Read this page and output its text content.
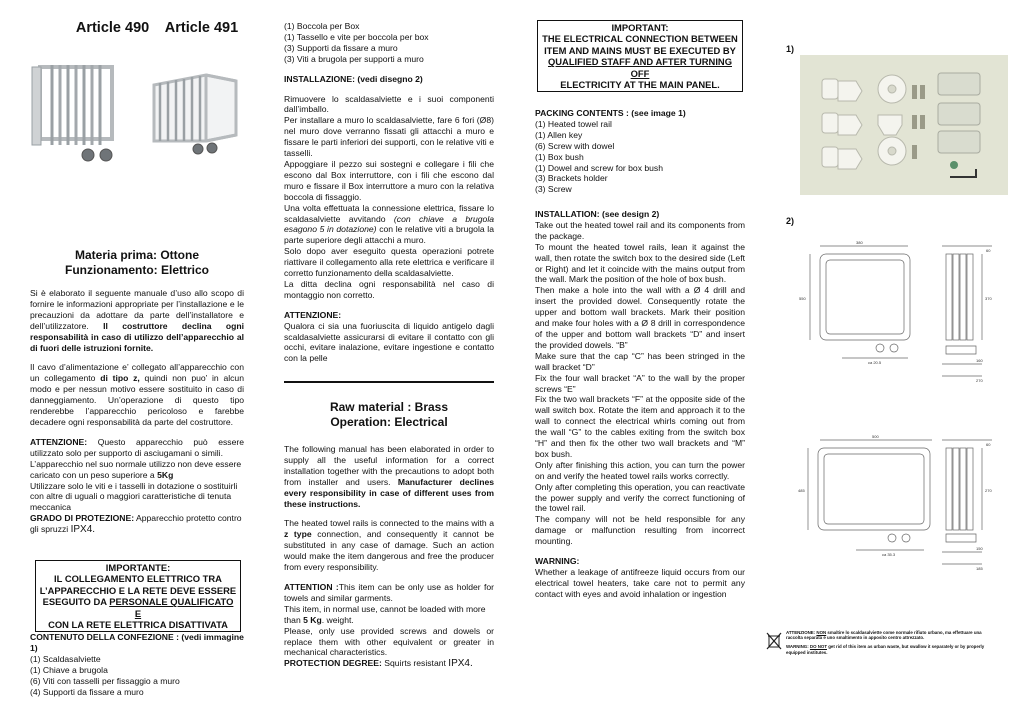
Article 490 Article 491
Materia prima: Ottone
Funzionamento: Elettrico

Si è elaborato il seguente manuale d’uso allo scopo di fornire le informazioni appropriate per l’installazione e le precauzioni da adottare da parte dell’installatore e dell’utilizzatore. Il costruttore declina ogni responsabilità in caso di utilizzo dell’apparecchio al di fuori delle istruzioni fornite.

Il cavo d’alimentazione e’ collegato all’apparecchio con un collegamento di tipo z, quindi non puo’ in alcun modo e per nessun motivo essere sostituito in caso di danneggiamento. Un’operazione di questo tipo renderebbe l’apparecchio pericoloso e farebbe decadere ogni responsabilità da parte del costruttore.

ATTENZIONE: Questo apparecchio può essere utilizzato solo per supporto di asciugamani o simili.

L’apparecchio nel suo normale utilizzo non deve essere caricato con un peso superiore a 5Kg

Utilizzare solo le viti e i tasselli in dotazione o sostituirli con altre di uguali o maggiori caratteristiche di tenuta meccanica

GRADO DI PROTEZIONE: Apparecchio protetto contro gli spruzzi IPX4.

IMPORTANTE:
IL COLLEGAMENTO ELETTRICO TRA
L’APPARECCHIO E LA RETE DEVE ESSERE
ESEGUITO DA PERSONALE QUALIFICATO E
CON LA RETE ELETTRICA DISATTIVATA

CONTENUTO DELLA CONFEZIONE : (vedi immagine 1)

(1) Scaldasalviette

(1) Chiave a brugola

(6) Viti con tasselli per fissaggio a muro

(4) Supporti da fissare a muro

(1) Boccola per Box

(1) Tassello e vite per boccola per box

(3) Supporti da fissare a muro

(3) Viti a brugola per supporti a muro

INSTALLAZIONE: (vedi disegno 2)

Rimuovere lo scaldasalviette e i suoi componenti dall’imballo.

Per installare a muro lo scaldasalviette, fare 6 fori (Ø8) nel muro dove verranno fissati gli attacchi a muro e fissare le parti inferiori dei supporti, con le relative viti e tasselli.

Appoggiare il pezzo sui sostegni e collegare i fili che escono dal Box interruttore, con i fili che escono dal muro e fissare il Box interruttore a muro con la relativa boccola di fissaggio.

Una volta effettuata la connessione elettrica, fissare lo scaldasalviette avvitando (con chiave a brugola esagono 5 in dotazione) con le relative viti a brugola la parte superiore degli attacchi a muro.

Solo dopo aver eseguito questa operazioni potrete riattivare il collegamento alla rete elettrica e verificare il corretto funzionamento della scaldasalviette.

La ditta declina ogni responsabilità nel caso di montaggio non corretto.

ATTENZIONE:

Qualora ci sia una fuoriuscita di liquido antigelo dagli scaldasalviette assicurarsi di evitare il contatto con gli occhi, evitare inalazione, evitare ingestione e contatto con la pelle

Raw material : Brass
Operation: Electrical

The following manual has been elaborated in order to supply all the useful information for a correct installation together with the precautions to adopt both from installer and users. Manufacturer declines every responsibility in case of different uses from these instructions.

The heated towel rails is connected to the mains with a z type connection, and consequently it cannot be substituted in any case of damage. Such an action would make the item dangerous and free the producer from every responsibility.

ATTENTION :This item can be only use as holder for towels and similar garments.

This item, in normal use, cannot be loaded with more than 5 Kg. weight.

Please, only use provided screws and dowels or replace them with other equivalent or greater in mechanical characteristics.

PROTECTION DEGREE: Squirts resistant IPX4.

IMPORTANT:
THE ELECTRICAL CONNECTION BETWEEN
ITEM AND MAINS MUST BE EXECUTED BY
QUALIFIED STAFF AND AFTER TURNING OFF
ELECTRICITY AT THE MAIN PANEL.

PACKING CONTENTS : (see image 1)

(1) Heated towel rail

(1) Allen key

(6) Screw with dowel

(1) Box bush

(1) Dowel and screw for box bush

(3) Brackets holder

(3) Screw

INSTALLATION: (see design 2)

Take out the heated towel rail and its components from the package.

To mount the heated towel rails, lean it against the wall, then rotate the switch box to the desired side (Left or Right) and let it coincide with the mains output from the wall. Mark the position of the hole of box bush.

Then make a hole into the wall with a Ø 4 drill and insert the provided dowel. Consequently rotate the upper and bottom wall brackets. Mark their position and make four holes with a Ø 8 drill in correspondence of the upper and bottom wall brackets “D” and insert the provided dowels. “B”

Make sure that the cap “C” has been stringed in the wall bracket “D”

Fix the four wall bracket “A” to the wall by the proper screws “E”

Fix the two wall brackets “F” at the opposite side of the wall switch box. Rotate the item and approach it to the wall to connect the electrical whirls coming out from the wall “G” to the cables exiting from the switch box “H” and then fix the other two wall brackets and “M” box bush.

Only after finishing this action, you can turn the power on and verify the heated towel rails works correctly.

Only after completing this operation, you can reactivate the power supply and verify the correct functioning of the towel rail.

The company will not be held responsible for any damage or malfunction resulting from incorrect mounting.

WARNING:

Whether a leakage of antifreeze liquid occurs from our electrical towel heaters, take care not to permit any contact with eyes and avoid inhalation or ingestion

1)
2)
380
60
550	370
160
270
ca 20.5
500
60
485	270
ca 35.3
150
185

ATTENZIONE: NON smaltire lo scaldasalviette come normale rifiuto urbano, ma effettuare una raccolta separata e uno smaltimento in apposito centro attrezzato.

WARNING: DO NOT get rid of this item as urban waste, but swallow it separately or by properly equipped institutes.
